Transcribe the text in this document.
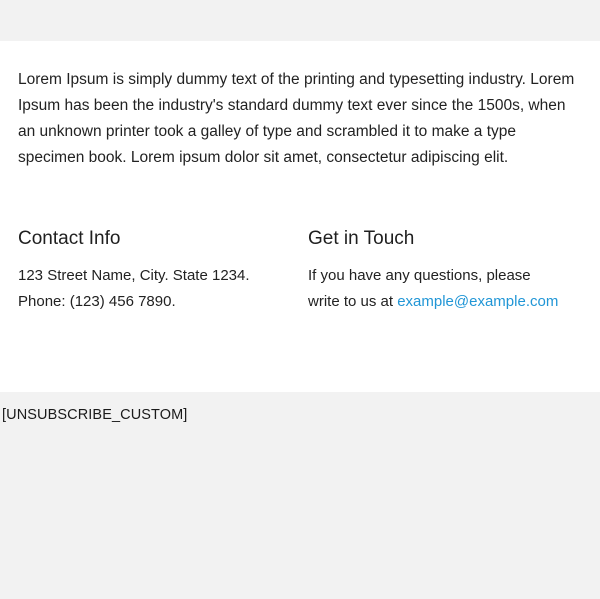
Lorem Ipsum is simply dummy text of the printing and typesetting industry. Lorem Ipsum has been the industry's standard dummy text ever since the 1500s, when an unknown printer took a galley of type and scrambled it to make a type specimen book. Lorem ipsum dolor sit amet, consectetur adipiscing elit.

Contact Info

123 Street Name, City. State 1234.
Phone: (123) 456 7890.

Get in Touch

If you have any questions, please
write to us at example@example.com

[UNSUBSCRIBE_CUSTOM]
